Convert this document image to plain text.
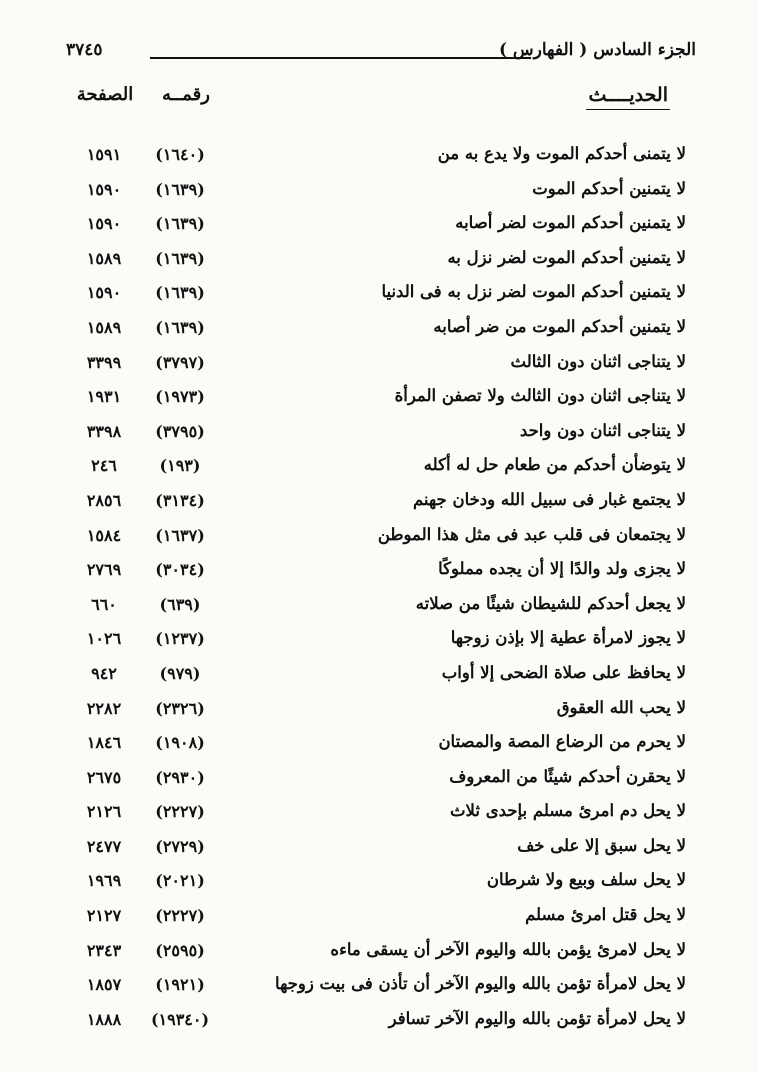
الجزء السادس ( الفهارس )
٣٧٤٥
الحديــــث
رقمــه
الصفحة
لا يتمنى أحدكم الموت ولا يدع به من
(١٦٤٠)
١٥٩١
لا يتمنين أحدكم الموت
(١٦٣٩)
١٥٩٠
لا يتمنين أحدكم الموت لضر أصابه
(١٦٣٩)
١٥٩٠
لا يتمنين أحدكم الموت لضر نزل به
(١٦٣٩)
١٥٨٩
لا يتمنين أحدكم الموت لضر نزل به فى الدنيا
(١٦٣٩)
١٥٩٠
لا يتمنين أحدكم الموت من ضر أصابه
(١٦٣٩)
١٥٨٩
لا يتناجى اثنان دون الثالث
(٣٧٩٧)
٣٣٩٩
لا يتناجى اثنان دون الثالث ولا تصفن المرأة
(١٩٧٣)
١٩٣١
لا يتناجى اثنان دون واحد
(٣٧٩٥)
٣٣٩٨
لا يتوضأن أحدكم من طعام حل له أكله
(١٩٣)
٢٤٦
لا يجتمع غبار فى سبيل الله ودخان جهنم
(٣١٣٤)
٢٨٥٦
لا يجتمعان فى قلب عبد فى مثل هذا الموطن
(١٦٣٧)
١٥٨٤
لا يجزى ولد والدًا إلا أن يجده مملوكًا
(٣٠٣٤)
٢٧٦٩
لا يجعل أحدكم للشيطان شيئًا من صلاته
(٦٣٩)
٦٦٠
لا يجوز لامرأة عطية إلا بإذن زوجها
(١٢٣٧)
١٠٢٦
لا يحافظ على صلاة الضحى إلا أواب
(٩٧٩)
٩٤٢
لا يحب الله العقوق
(٢٣٢٦)
٢٢٨٢
لا يحرم من الرضاع المصة والمصتان
(١٩٠٨)
١٨٤٦
لا يحقرن أحدكم شيئًا من المعروف
(٢٩٣٠)
٢٦٧٥
لا يحل دم امرئ مسلم بإحدى ثلاث
(٢٢٢٧)
٢١٢٦
لا يحل سبق إلا على خف
(٢٧٢٩)
٢٤٧٧
لا يحل سلف وبيع ولا شرطان
(٢٠٢١)
١٩٦٩
لا يحل قتل امرئ مسلم
(٢٢٢٧)
٢١٢٧
لا يحل لامرئ يؤمن بالله واليوم الآخر أن يسقى ماءه
(٢٥٩٥)
٢٣٤٣
لا يحل لامرأة تؤمن بالله واليوم الآخر أن تأذن فى بيت زوجها
(١٩٢١)
١٨٥٧
لا يحل لامرأة تؤمن بالله واليوم الآخر تسافر
(١٩٣٤٠)
١٨٨٨
